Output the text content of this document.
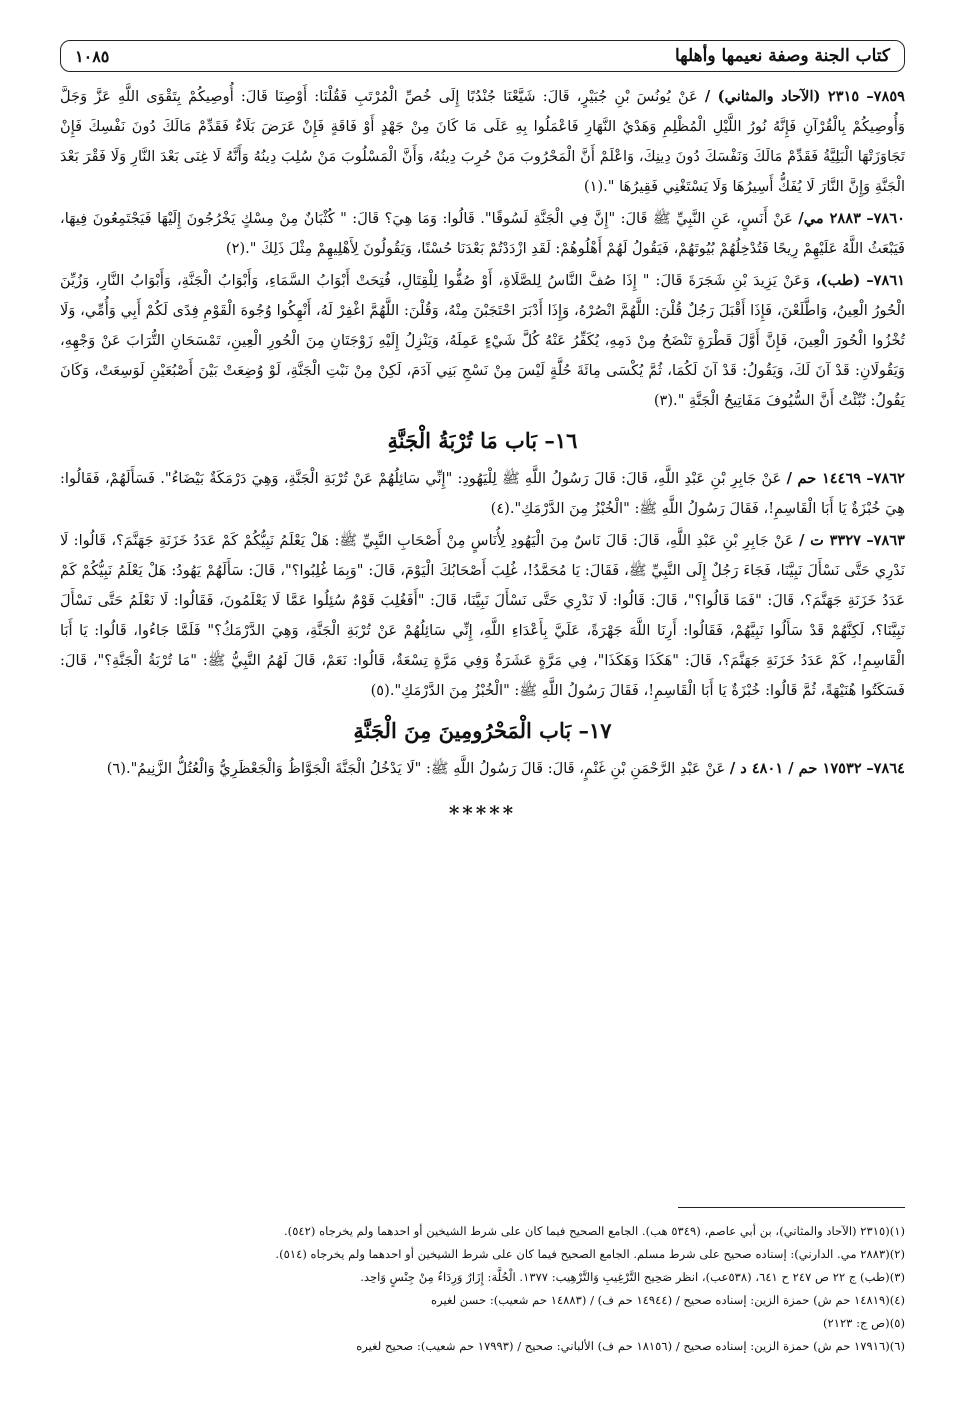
كتاب الجنة وصفة نعيمها وأهلها
١٠٨٥

٧٨٥٩– ٢٣١٥ (الآحاد والمثاني) / عَنْ يُونُسَ بْنِ جُبَيْرٍ، قَالَ: شَيَّعْنَا جُنْدُبًا إِلَى خُصِّ الْمُرْتَبِ فَقُلْنَا: أَوْصِنَا قَالَ: أُوصِيكُمْ بِتَقْوَى اللَّهِ عَزَّ وَجَلَّ وَأُوصِيكُمْ بِالْقُرْآنِ فَإِنَّهُ نُورُ اللَّيْلِ الْمُظْلِمِ وَهَدْيُ النَّهَارِ فَاعْمَلُوا بِهِ عَلَى مَا كَانَ مِنْ جَهْدٍ أَوْ فَاقَةٍ فَإِنْ عَرَضَ بَلَاءٌ فَقَدِّمْ مَالَكَ دُونَ نَفْسِكَ فَإِنْ تَجَاوَزَتْهَا الْبَلِيَّةُ فَقَدِّمْ مَالَكَ وَنَفْسَكَ دُونَ دِينِكَ، وَاعْلَمْ أَنَّ الْمَحْرُوبَ مَنْ حُرِبَ دِينُهُ، وَأَنَّ الْمَسْلُوبَ مَنْ سُلِبَ دِينُهُ وَأَنَّهُ لَا غِنَى بَعْدَ النَّارِ وَلَا فَقْرَ بَعْدَ الْجَنَّةِ وَإِنَّ النَّارَ لَا يُفَكُّ أَسِيرُهَا وَلَا يَسْتَغْنِي فَقِيرُهَا ".(١)

٧٨٦٠– ٢٨٨٣ مي/ عَنْ أَنَسٍ، عَنِ النَّبِيِّ ﷺ قَالَ: "إِنَّ فِي الْجَنَّةِ لَسُوقًا". قَالُوا: وَمَا هِيَ؟ قَالَ: " كُثْبَانٌ مِنْ مِسْكٍ يَخْرُجُونَ إِلَيْهَا فَيَجْتَمِعُونَ فِيهَا، فَيَبْعَثُ اللَّهُ عَلَيْهِمْ رِيحًا فَتُدْخِلُهُمْ بُيُوتَهُمْ، فَيَقُولُ لَهُمْ أَهْلُوهُمْ: لَقَدِ ازْدَدْتُمْ بَعْدَنَا حُسْنًا، وَيَقُولُونَ لِأَهْلِيهِمْ مِثْلَ ذَلِكَ ".(٢)

٧٨٦١– (طب)، وَعَنْ يَزِيدَ بْنِ شَجَرَةَ قَالَ: " إِذَا صُفَّ النَّاسُ لِلصَّلَاةِ، أَوْ صُفُّوا لِلْقِتَالِ، فُتِحَتْ أَبْوَابُ السَّمَاءِ، وَأَبْوَابُ الْجَنَّةِ، وَأَبْوَابُ النَّارِ، وَزُيِّنَ الْحُورُ الْعِينُ، وَاطَّلَعْنَ، فَإِذَا أَقْبَلَ رَجُلٌ قُلْنَ: اللَّهُمَّ انْصُرْهُ، وَإِذَا أَدْبَرَ احْتَجَبْنَ مِنْهُ، وَقُلْنَ: اللَّهُمَّ اغْفِرْ لَهُ، أَنْهِكُوا وُجُوهَ الْقَوْمِ فِدًى لَكُمْ أَبِي وَأُمِّي، وَلَا تُخْزُوا الْحُورَ الْعِينَ، فَإِنَّ أَوَّلَ قَطْرَةٍ تَنْضَحُ مِنْ دَمِهِ، يُكَفِّرُ عَنْهُ كُلَّ شَيْءٍ عَمِلَهُ، وَيَنْزِلُ إِلَيْهِ زَوْجَتَانِ مِنَ الْحُورِ الْعِينِ، تَمْسَحَانِ التُّرَابَ عَنْ وَجْهِهِ، وَيَقُولَانِ: قَدْ آنَ لَكَ، وَيَقُولُ: قَدْ آنَ لَكُمَا، ثُمَّ يُكْسَى مِائَةَ حُلَّةٍ لَيْسَ مِنْ نَسْجِ بَنِي آدَمَ، لَكِنْ مِنْ نَبْتِ الْجَنَّةِ، لَوْ وُضِعَتْ بَيْنَ أَصْبُعَيْنِ لَوَسِعَتْ، وَكَانَ يَقُولُ: نُبِّئْتُ أَنَّ السُّيُوفَ مَفَاتِيحُ الْجَنَّةِ ".(٣)

١٦– بَاب مَا تُرْبَةُ الْجَنَّةِ

٧٨٦٢– ١٤٤٦٩ حم / عَنْ جَابِرِ بْنِ عَبْدِ اللَّهِ، قَالَ: قَالَ رَسُولُ اللَّهِ ﷺ لِلْيَهُودِ: "إِنِّي سَائِلُهُمْ عَنْ تُرْبَةِ الْجَنَّةِ، وَهِيَ دَرْمَكَةٌ بَيْضَاءُ". فَسَأَلَهُمْ، فَقَالُوا: هِيَ خُبْزَةٌ يَا أَبَا الْقَاسِمِ!، فَقَالَ رَسُولُ اللَّهِ ﷺ: "الْخُبْزُ مِنَ الدَّرْمَكِ".(٤)

٧٨٦٣– ٣٣٢٧ ت / عَنْ جَابِرِ بْنِ عَبْدِ اللَّهِ، قَالَ: قَالَ نَاسٌ مِنَ الْيَهُودِ لِأُنَاسٍ مِنْ أَصْحَابِ النَّبِيِّ ﷺ: هَلْ يَعْلَمُ نَبِيُّكُمْ كَمْ عَدَدُ خَزَنَةِ جَهَنَّمَ؟، قَالُوا: لَا نَدْرِي حَتَّى نَسْأَلَ نَبِيَّنَا، فَجَاءَ رَجُلٌ إِلَى النَّبِيِّ ﷺ، فَقَالَ: يَا مُحَمَّدُ!، غُلِبَ أَصْحَابُكَ الْيَوْمَ، قَالَ: "وَبِمَا غُلِبُوا؟"، قَالَ: سَأَلَهُمْ يَهُودُ: هَلْ يَعْلَمُ نَبِيُّكُمْ كَمْ عَدَدُ خَزَنَةِ جَهَنَّمَ؟، قَالَ: "فَمَا قَالُوا؟"، قَالَ: قَالُوا: لَا نَدْرِي حَتَّى نَسْأَلَ نَبِيَّنَا، قَالَ: "أَفَغُلِبَ قَوْمٌ سُئِلُوا عَمَّا لَا يَعْلَمُونَ، فَقَالُوا: لَا نَعْلَمُ حَتَّى نَسْأَلَ نَبِيَّنَا؟، لَكِنَّهُمْ قَدْ سَأَلُوا نَبِيَّهُمْ، فَقَالُوا: أَرِنَا اللَّهَ جَهْرَةً، عَلَيَّ بِأَعْدَاءِ اللَّهِ، إِنِّي سَائِلُهُمْ عَنْ تُرْبَةِ الْجَنَّةِ، وَهِيَ الدَّرْمَكُ؟" فَلَمَّا جَاءُوا، قَالُوا: يَا أَبَا الْقَاسِمِ!، كَمْ عَدَدُ خَزَنَةِ جَهَنَّمَ؟، قَالَ: "هَكَذَا وَهَكَذَا"، فِي مَرَّةٍ عَشَرَةٌ وَفِي مَرَّةٍ تِسْعَةٌ، قَالُوا: نَعَمْ، قَالَ لَهُمُ النَّبِيُّ ﷺ: "مَا تُرْبَةُ الْجَنَّةِ؟"، قَالَ: فَسَكَتُوا هُنَيْهَةً، ثُمَّ قَالُوا: خُبْزَةٌ يَا أَبَا الْقَاسِمِ!، فَقَالَ رَسُولُ اللَّهِ ﷺ: "الْخُبْزُ مِنَ الدَّرْمَكِ".(٥)

١٧– بَاب الْمَحْرُومِينَ مِنَ الْجَنَّةِ

٧٨٦٤– ١٧٥٣٢ حم / ٤٨٠١ د / عَنْ عَبْدِ الرَّحْمَنِ بْنِ غَنْمٍ، قَالَ: قَالَ رَسُولُ اللَّهِ ﷺ: "لَا يَدْخُلُ الْجَنَّةَ الْجَوَّاظُ وَالْجَعْظَرِيُّ وَالْعُتُلُّ الزَّنِيمُ".(٦)

*****
(١)(٢٣١٥ (الآحاد والمثاني)، بن أبي عاصم، (٥٣٤٩ هب). الجامع الصحيح فيما كان على شرط الشيخين أو احدهما ولم يخرجاه (٥٤٢).
(٢)(٢٨٨٣ مي. الدارني): إسناده صحيح على شرط مسلم. الجامع الصحيح فيما كان على شرط الشيخين أو احدهما ولم يخرجاه (٥١٤).
(٣)(طب) ج ٢٢ ص ٢٤٧ ح ٦٤١، (٥٣٨عب)، انظر صَحِيح التَّرْغِيبِ وَالتَّرْهِيب: ١٣٧٧. الْحُلَّة: إِزَارٌ وَرِدَاءٌ مِنْ جِنْسٍ وَاحِد.
(٤)(١٤٨١٩ حم ش) حمزة الزين: إسناده صحيح / (١٤٩٤٤ حم ف) / (١٤٨٨٣ حم شعيب): حسن لغيره
(٥)(ص ج: ٢١٢٣)
(٦)(١٧٩١٦ حم ش) حمزة الزين: إسناده صحيح / (١٨١٥٦ حم ف) الألباني: صحيح / (١٧٩٩٣ حم شعيب): صحيح لغيره
